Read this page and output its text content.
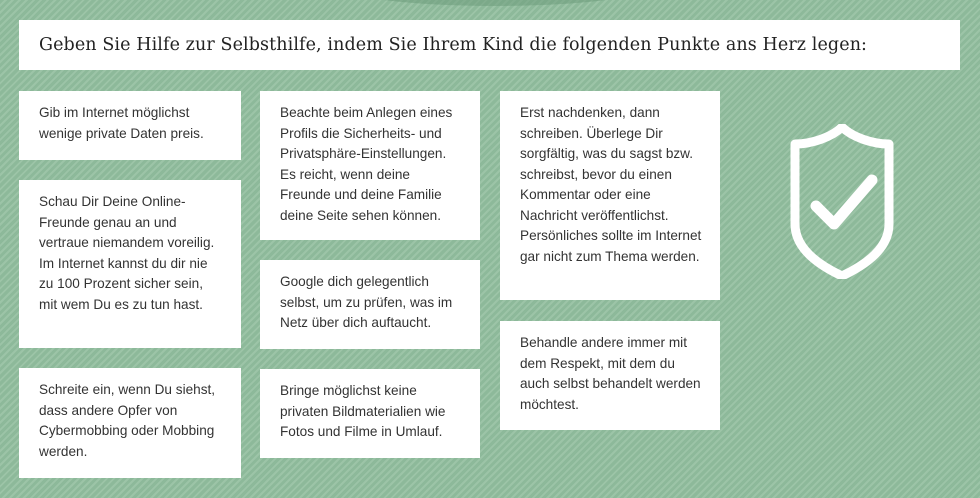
Geben Sie Hilfe zur Selbsthilfe, indem Sie Ihrem Kind die folgenden Punkte ans Herz legen:
Gib im Internet möglichst wenige private Daten preis.
Schau Dir Deine Online-Freunde genau an und vertraue niemandem voreilig. Im Internet kannst du dir nie zu 100 Prozent sicher sein, mit wem Du es zu tun hast.
Schreite ein, wenn Du siehst, dass andere Opfer von Cybermobbing oder Mobbing werden.
Beachte beim Anlegen eines Profils die Sicherheits- und Privatsphäre-Einstellungen. Es reicht, wenn deine Freunde und deine Familie deine Seite sehen können.
Google dich gelegentlich selbst, um zu prüfen, was im Netz über dich auftaucht.
Bringe möglichst keine privaten Bildmaterialien wie Fotos und Filme in Umlauf.
Erst nachdenken, dann schreiben. Überlege Dir sorgfältig, was du sagst bzw. schreibst, bevor du einen Kommentar oder eine Nachricht veröffentlichst. Persönliches sollte im Internet gar nicht zum Thema werden.
Behandle andere immer mit dem Respekt, mit dem du auch selbst behandelt werden möchtest.
